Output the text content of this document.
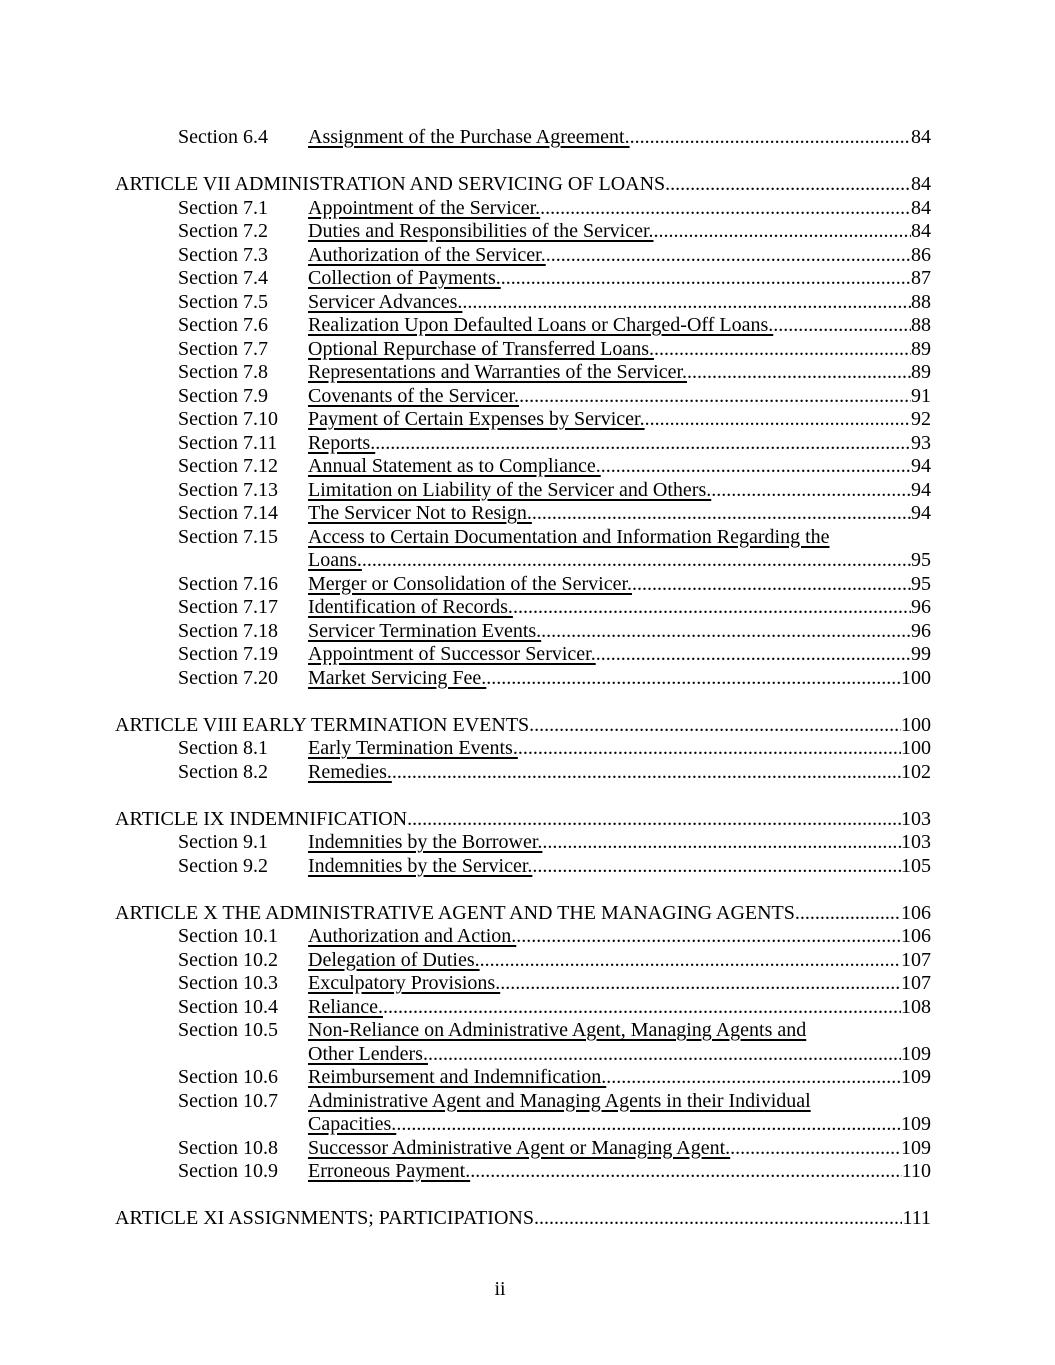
Section 6.4	Assignment of the Purchase Agreement. .....	84
ARTICLE VII ADMINISTRATION AND SERVICING OF LOANS .....	84
Section 7.1	Appointment of the Servicer. .....	84
Section 7.2	Duties and Responsibilities of the Servicer. .....	84
Section 7.3	Authorization of the Servicer. .....	86
Section 7.4	Collection of Payments. .....	87
Section 7.5	Servicer Advances. .....	88
Section 7.6	Realization Upon Defaulted Loans or Charged-Off Loans. .....	88
Section 7.7	Optional Repurchase of Transferred Loans. .....	89
Section 7.8	Representations and Warranties of the Servicer. .....	89
Section 7.9	Covenants of the Servicer. .....	91
Section 7.10	Payment of Certain Expenses by Servicer. .....	92
Section 7.11	Reports. .....	93
Section 7.12	Annual Statement as to Compliance. .....	94
Section 7.13	Limitation on Liability of the Servicer and Others. .....	94
Section 7.14	The Servicer Not to Resign. .....	94
Section 7.15	Access to Certain Documentation and Information Regarding the
Loans. .....	95
Section 7.16	Merger or Consolidation of the Servicer. .....	95
Section 7.17	Identification of Records. .....	96
Section 7.18	Servicer Termination Events. .....	96
Section 7.19	Appointment of Successor Servicer. .....	99
Section 7.20	Market Servicing Fee. .....	100
ARTICLE VIII EARLY TERMINATION EVENTS .....	100
Section 8.1	Early Termination Events. .....	100
Section 8.2	Remedies. .....	102
ARTICLE IX INDEMNIFICATION .....	103
Section 9.1	Indemnities by the Borrower. .....	103
Section 9.2	Indemnities by the Servicer. .....	105
ARTICLE X THE ADMINISTRATIVE AGENT AND THE MANAGING AGENTS .....	106
Section 10.1	Authorization and Action. .....	106
Section 10.2	Delegation of Duties. .....	107
Section 10.3	Exculpatory Provisions. .....	107
Section 10.4	Reliance. .....	108
Section 10.5	Non-Reliance on Administrative Agent, Managing Agents and
Other Lenders. .....	109
Section 10.6	Reimbursement and Indemnification. .....	109
Section 10.7	Administrative Agent and Managing Agents in their Individual
Capacities. .....	109
Section 10.8	Successor Administrative Agent or Managing Agent. .....	109
Section 10.9	Erroneous Payment. .....	110
ARTICLE XI ASSIGNMENTS; PARTICIPATIONS .....	111
ii
